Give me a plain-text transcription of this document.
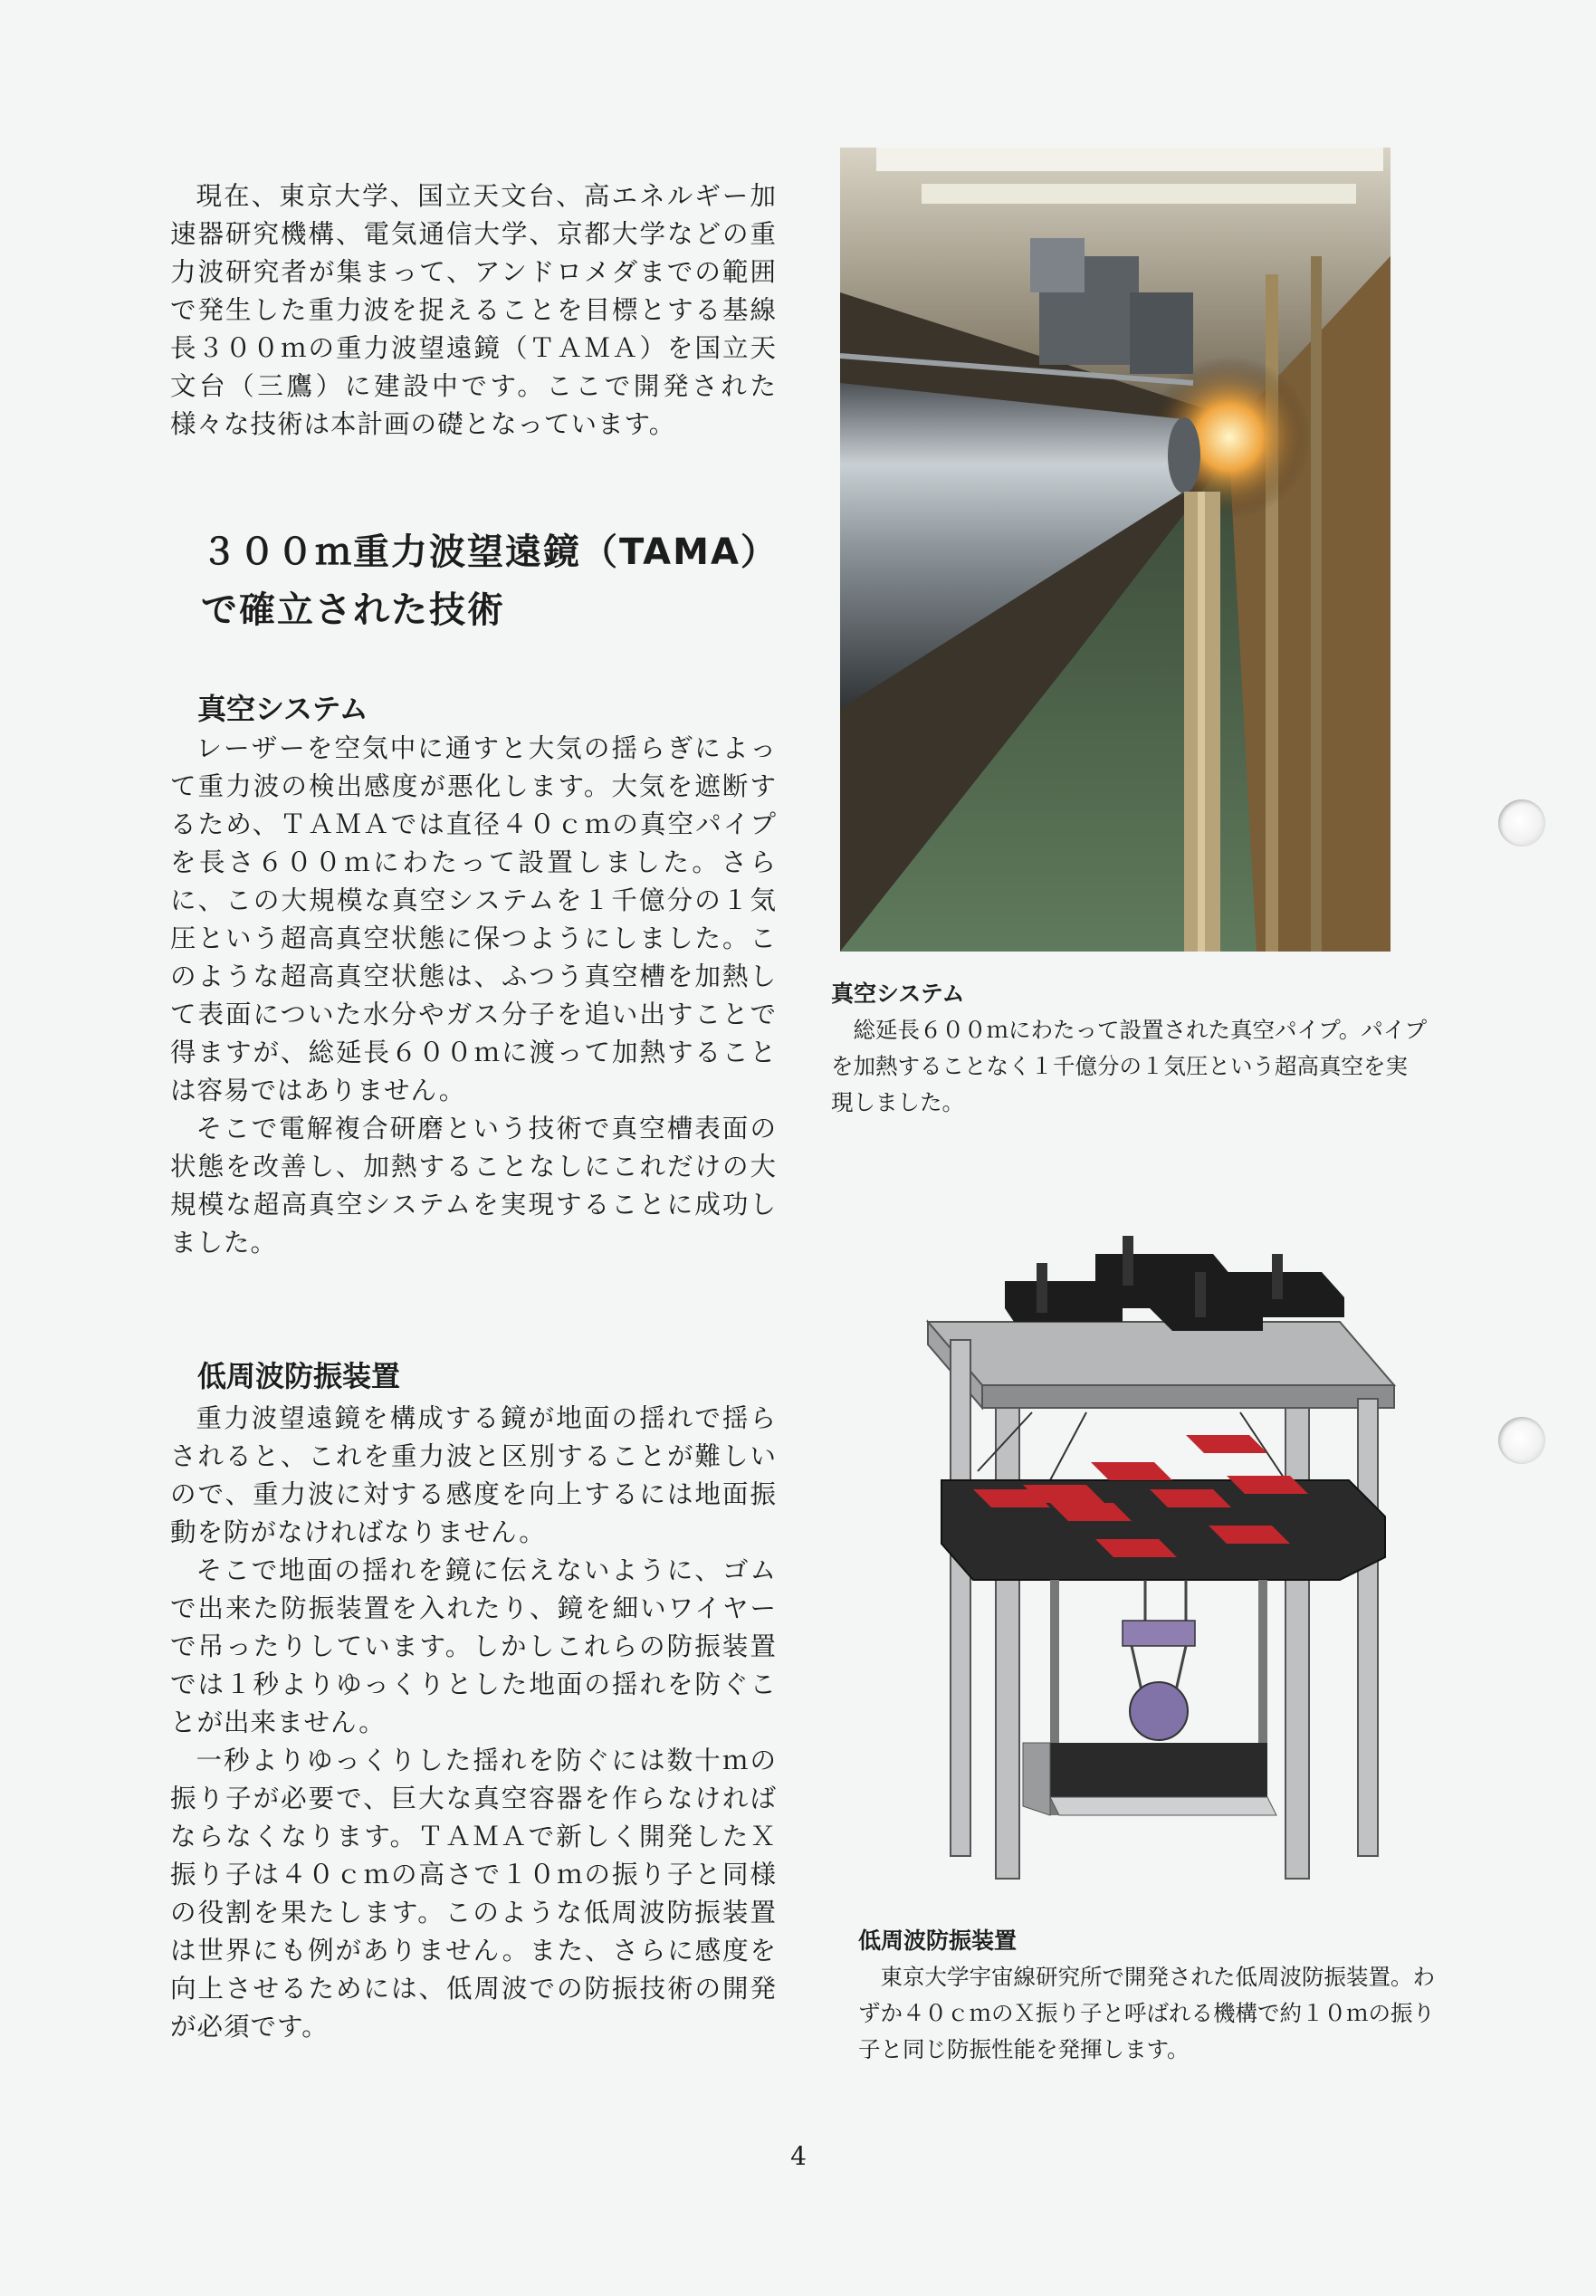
現在、東京大学、国立天文台、高エネルギー加速器研究機構、電気通信大学、京都大学などの重力波研究者が集まって、アンドロメダまでの範囲で発生した重力波を捉えることを目標とする基線長３００ｍの重力波望遠鏡（ＴＡＭＡ）を国立天文台（三鷹）に建設中です。ここで開発された様々な技術は本計画の礎となっています。

３００ｍ重力波望遠鏡（TAMA）
で確立された技術
真空システム

レーザーを空気中に通すと大気の揺らぎによって重力波の検出感度が悪化します。大気を遮断するため、ＴＡＭＡでは直径４０ｃｍの真空パイプを長さ６００ｍにわたって設置しました。さらに、この大規模な真空システムを１千億分の１気圧という超高真空状態に保つようにしました。このような超高真空状態は、ふつう真空槽を加熱して表面についた水分やガス分子を追い出すことで得ますが、総延長６００ｍに渡って加熱することは容易ではありません。

そこで電解複合研磨という技術で真空槽表面の状態を改善し、加熱することなしにこれだけの大規模な超高真空システムを実現することに成功しました。

低周波防振装置

重力波望遠鏡を構成する鏡が地面の揺れで揺らされると、これを重力波と区別することが難しいので、重力波に対する感度を向上するには地面振動を防がなければなりません。

そこで地面の揺れを鏡に伝えないように、ゴムで出来た防振装置を入れたり、鏡を細いワイヤーで吊ったりしています。しかしこれらの防振装置では１秒よりゆっくりとした地面の揺れを防ぐことが出来ません。

一秒よりゆっくりした揺れを防ぐには数十ｍの振り子が必要で、巨大な真空容器を作らなければならなくなります。ＴＡＭＡで新しく開発したＸ振り子は４０ｃｍの高さで１０ｍの振り子と同様の役割を果たします。このような低周波防振装置は世界にも例がありません。また、さらに感度を向上させるためには、低周波での防振技術の開発が必須です。

真空システム
総延長６００ｍにわたって設置された真空パイプ。パイプを加熱することなく１千億分の１気圧という超高真空を実現しました。
低周波防振装置
東京大学宇宙線研究所で開発された低周波防振装置。わずか４０ｃｍのＸ振り子と呼ばれる機構で約１０ｍの振り子と同じ防振性能を発揮します。
4
